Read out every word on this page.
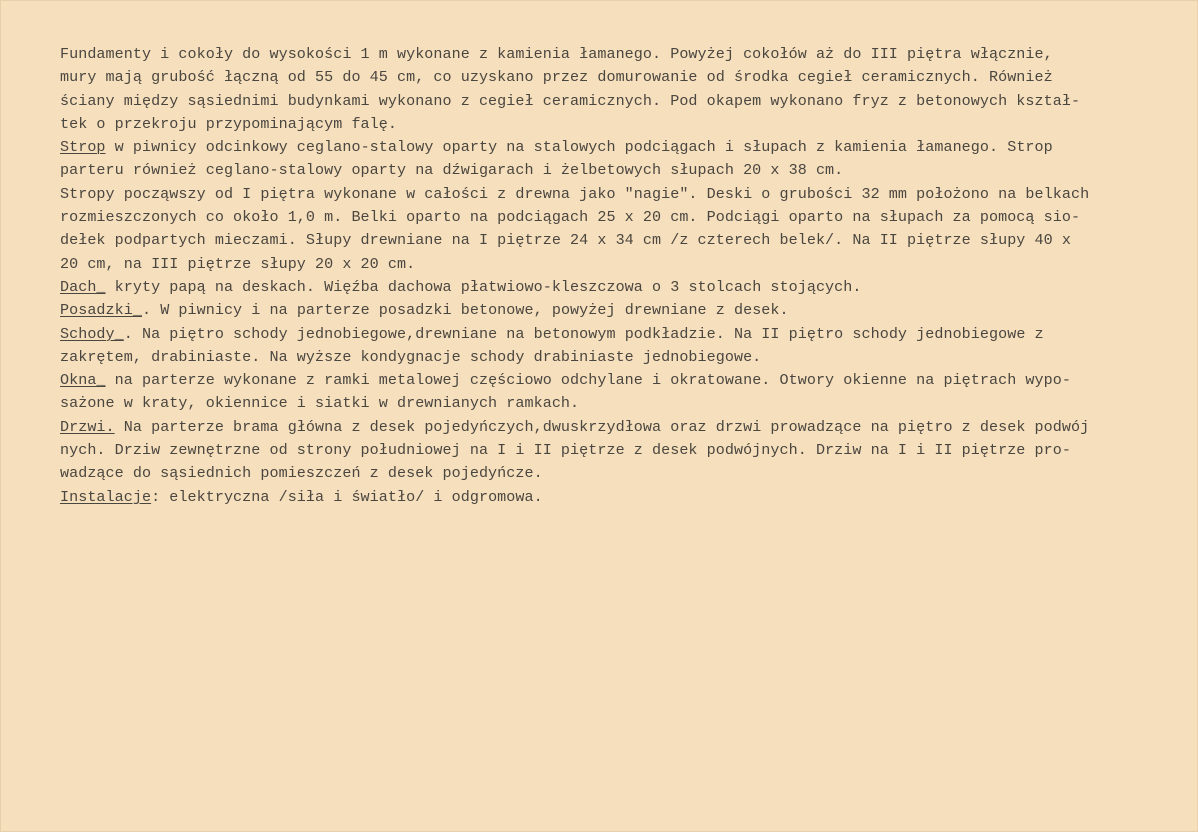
Fundamenty i cokoły do wysokości 1 m wykonane z kamienia łamanego. Powyżej cokołów aż do III piętra włącznie,
mury mają grubość łączną od 55 do 45 cm, co uzyskano przez domurowanie od środka cegieł ceramicznych. Również
ściany między sąsiednimi budynkami wykonano z cegieł ceramicznych. Pod okapem wykonano fryz z betonowych kształ-
tek o przekroju przypominającym falę.
Strop w piwnicy odcinkowy ceglano-stalowy oparty na stalowych podciągach i słupach z kamienia łamanego. Strop
parteru również ceglano-stalowy oparty na dźwigarach i żelbetowych słupach 20 x 38 cm.
Stropy począwszy od I piętra wykonane w całości z drewna jako "nagie". Deski o grubości 32 mm położono na belkach
rozmieszczonych co około 1,0 m. Belki oparto na podciągach 25 x 20 cm. Podciągi oparto na słupach za pomocą sio-
dełek podpartych mieczami. Słupy drewniane na I piętrze 24 x 34 cm /z czterech belek/. Na II piętrze słupy 40 x
20 cm, na III piętrze słupy 20 x 20 cm.
Dach_ kryty papą na deskach. Więźba dachowa płatwiowo-kleszczowa o 3 stolcach stojących.
Posadzki_. W piwnicy i na parterze posadzki betonowe, powyżej drewniane z desek.
Schody_. Na piętro schody jednobiegowe,drewniane na betonowym podkładzie. Na II piętro schody jednobiegowe z
zakrętem, drabiniaste. Na wyższe kondygnacje schody drabiniaste jednobiegowe.
Okna_ na parterze wykonane z ramki metalowej częściowo odchylane i okratowane. Otwory okienne na piętrach wypo-
sażone w kraty, okiennice i siatki w drewnianych ramkach.
Drzwi. Na parterze brama główna z desek pojedyńczych,dwuskrzydłowa oraz drzwi prowadzące na piętro z desek podwój
nych. Drziw zewnętrzne od strony południowej na I i II piętrze z desek podwójnych. Drziw na I i II piętrze pro-
wadzące do sąsiednich pomieszczeń z desek pojedyńcze.
Instalacje: elektryczna /siła i światło/ i odgromowa.
